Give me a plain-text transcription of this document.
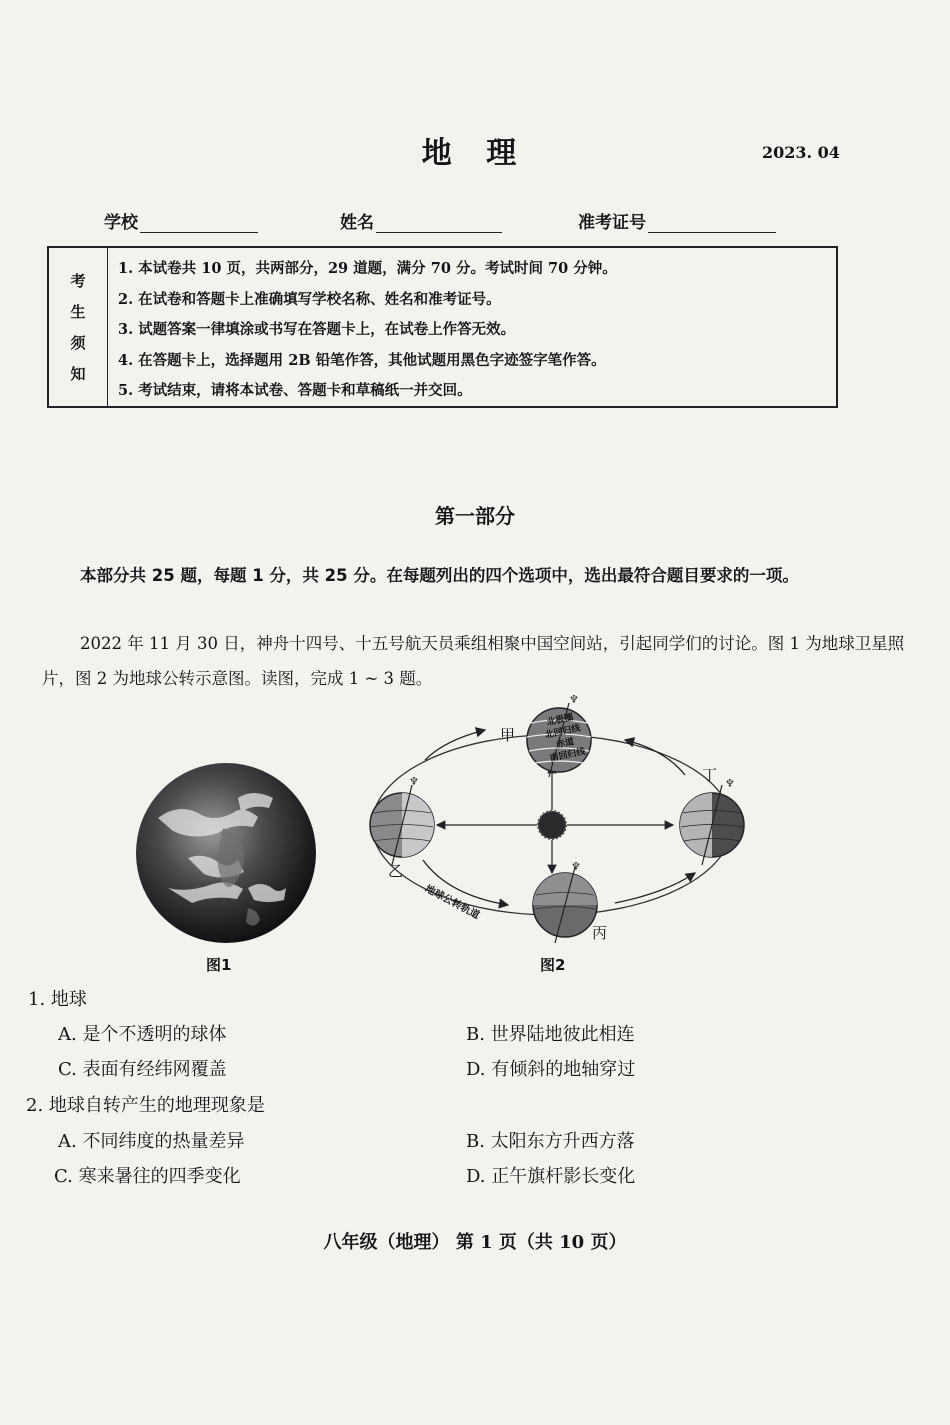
地 理	2023. 04
学校	姓名	准考证号
考
生
须
知
1. 本试卷共 10 页，共两部分，29 道题，满分 70 分。考试时间 70 分钟。
2. 在试卷和答题卡上准确填写学校名称、姓名和准考证号。
3. 试题答案一律填涂或书写在答题卡上，在试卷上作答无效。
4. 在答题卡上，选择题用 2B 铅笔作答，其他试题用黑色字迹签字笔作答。
5. 考试结束，请将本试卷、答题卡和草稿纸一并交回。
第一部分
本部分共 25 题，每题 1 分，共 25 分。在每题列出的四个选项中，选出最符合题目要求的一项。
2022 年 11 月 30 日，神舟十四号、十五号航天员乘组相聚中国空间站，引起同学们的讨论。图 1 为地球卫星照片，图 2 为地球公转示意图。读图，完成 1 ~ 3 题。
图1
♆
♆
♆
♆
甲
乙
丙
丁
地球公转轨道
北极圈
北回归线
赤道
南回归线
图2
1. 地球
A. 是个不透明的球体	B. 世界陆地彼此相连
C. 表面有经纬网覆盖	D. 有倾斜的地轴穿过
2. 地球自转产生的地理现象是
A. 不同纬度的热量差异	B. 太阳东方升西方落
C. 寒来暑往的四季变化	D. 正午旗杆影长变化
八年级（地理） 第 1 页（共 10 页）
